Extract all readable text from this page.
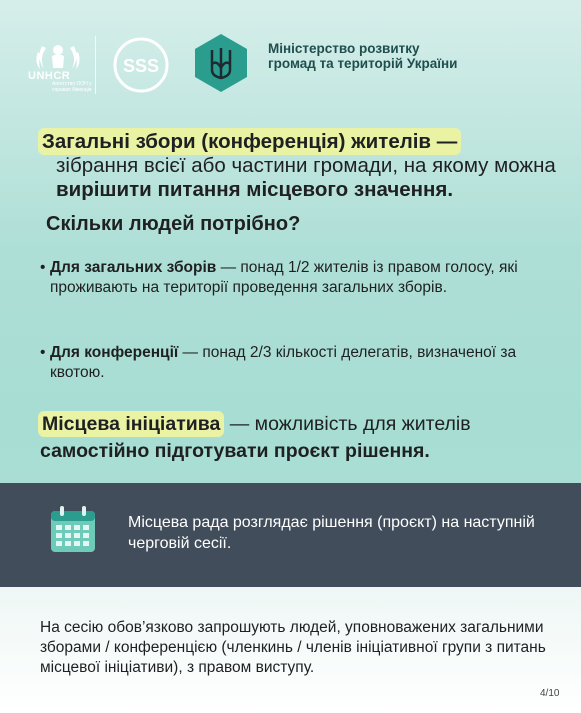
UNHCR
Агентство ООН у справах біженців
SSS
Міністерство розвитку громад та територій України
Загальні збори (конференція) жителів —
зібрання всієї або частини громади, на якому можна вирішити питання місцевого значення.
Скільки людей потрібно?
• Для загальних зборів — понад 1/2 жителів із правом голосу, які проживають на території проведення загальних зборів.
• Для конференції — понад 2/3 кількості делегатів, визначеної за квотою.
Місцева ініціатива — можливість для жителів
самостійно підготувати проєкт рішення.
Місцева рада розглядає рішення (проєкт) на наступній черговій сесії.
На сесію обов’язково запрошують людей, уповноважених загальними зборами / конференцією (членкинь / членів ініціативної групи з питань місцевої ініціативи), з правом виступу.
4/10
